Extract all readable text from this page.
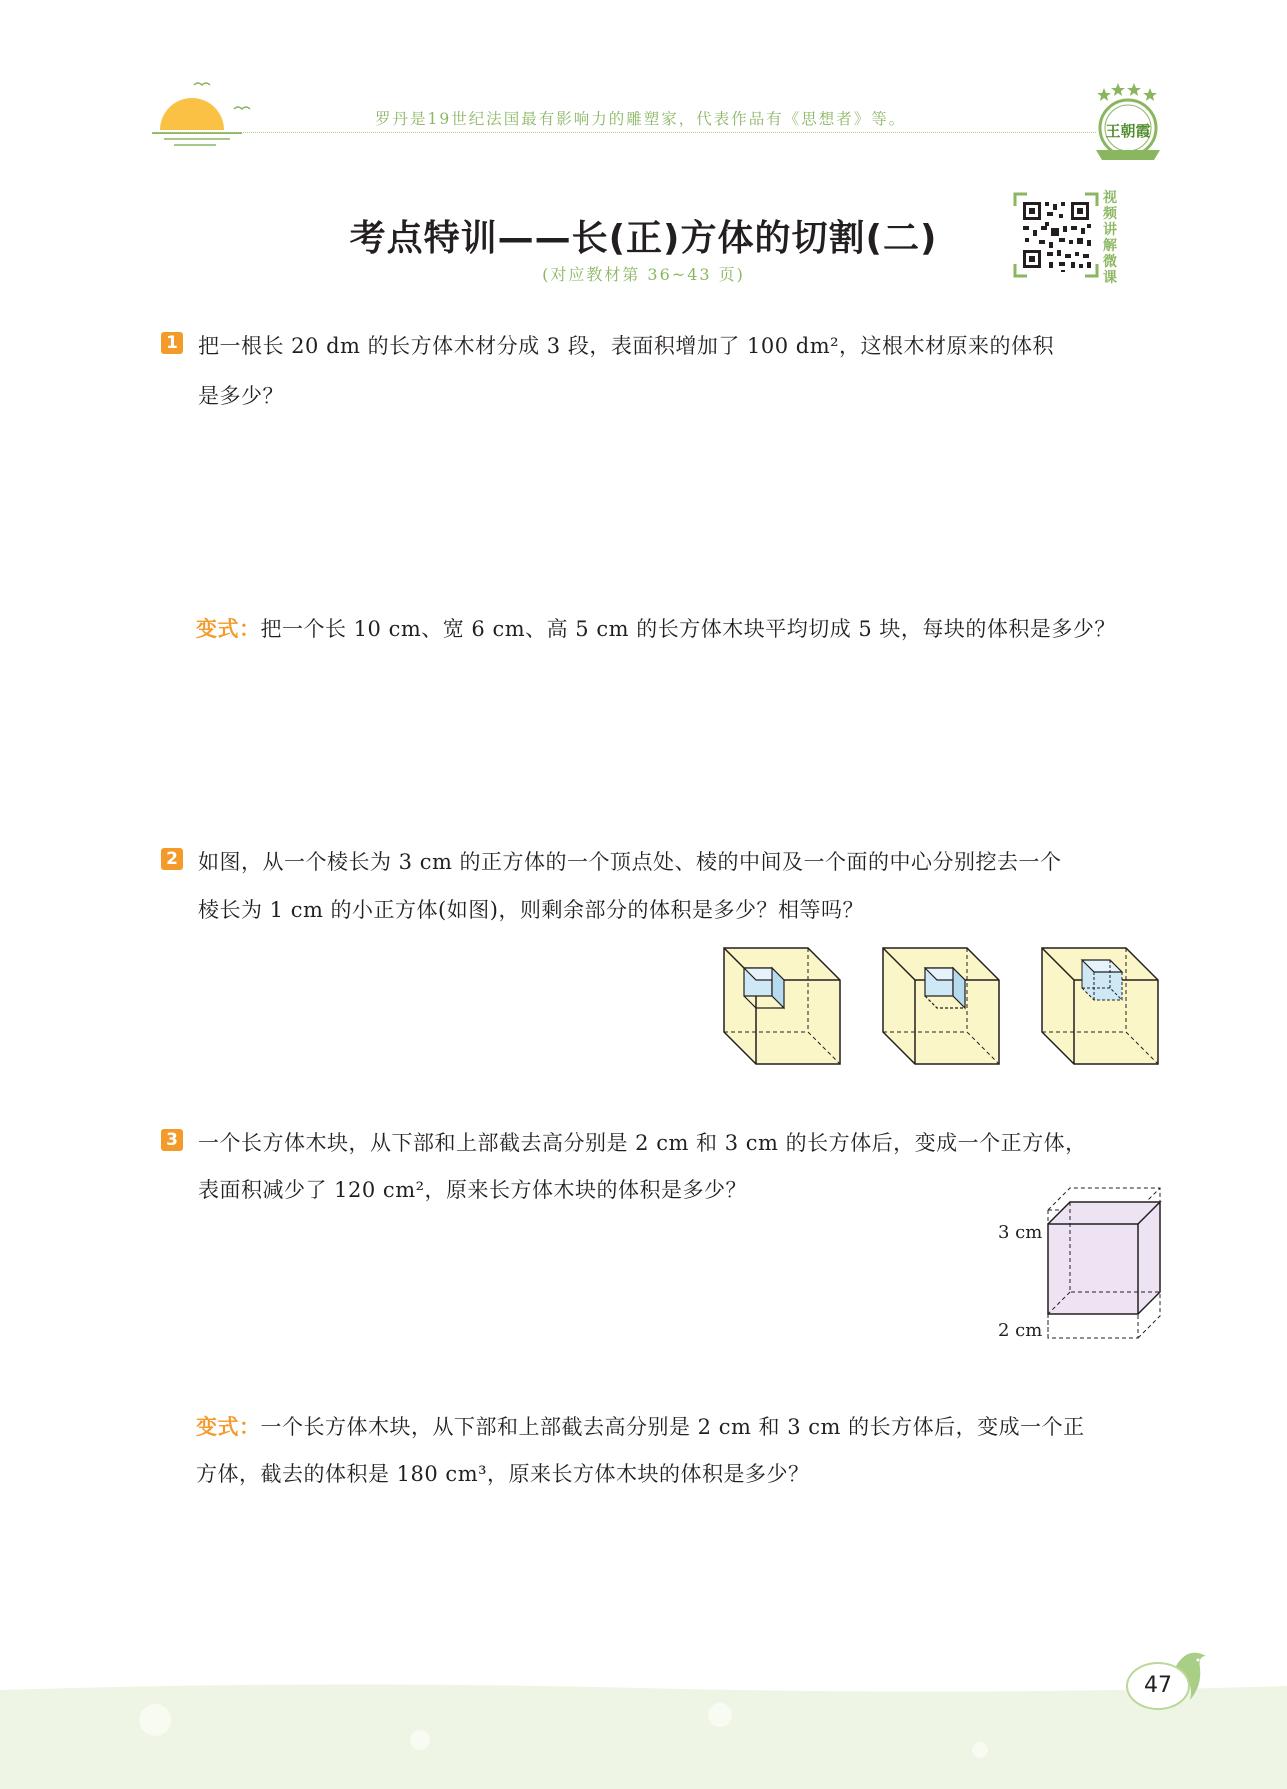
罗丹是19世纪法国最有影响力的雕塑家，代表作品有《思想者》等。
王朝霞
考点特训——长(正)方体的切割(二)
(对应教材第 36~43 页)
视频讲解微课
1 把一根长 20 dm 的长方体木材分成 3 段，表面积增加了 100 dm²，这根木材原来的体积
是多少？
变式：把一个长 10 cm、宽 6 cm、高 5 cm 的长方体木块平均切成 5 块，每块的体积是多少？
2 如图，从一个棱长为 3 cm 的正方体的一个顶点处、棱的中间及一个面的中心分别挖去一个
棱长为 1 cm 的小正方体(如图)，则剩余部分的体积是多少？相等吗？
3 一个长方体木块，从下部和上部截去高分别是 2 cm 和 3 cm 的长方体后，变成一个正方体，
表面积减少了 120 cm²，原来长方体木块的体积是多少？
3 cm
2 cm
变式：一个长方体木块，从下部和上部截去高分别是 2 cm 和 3 cm 的长方体后，变成一个正
方体，截去的体积是 180 cm³，原来长方体木块的体积是多少？
47
